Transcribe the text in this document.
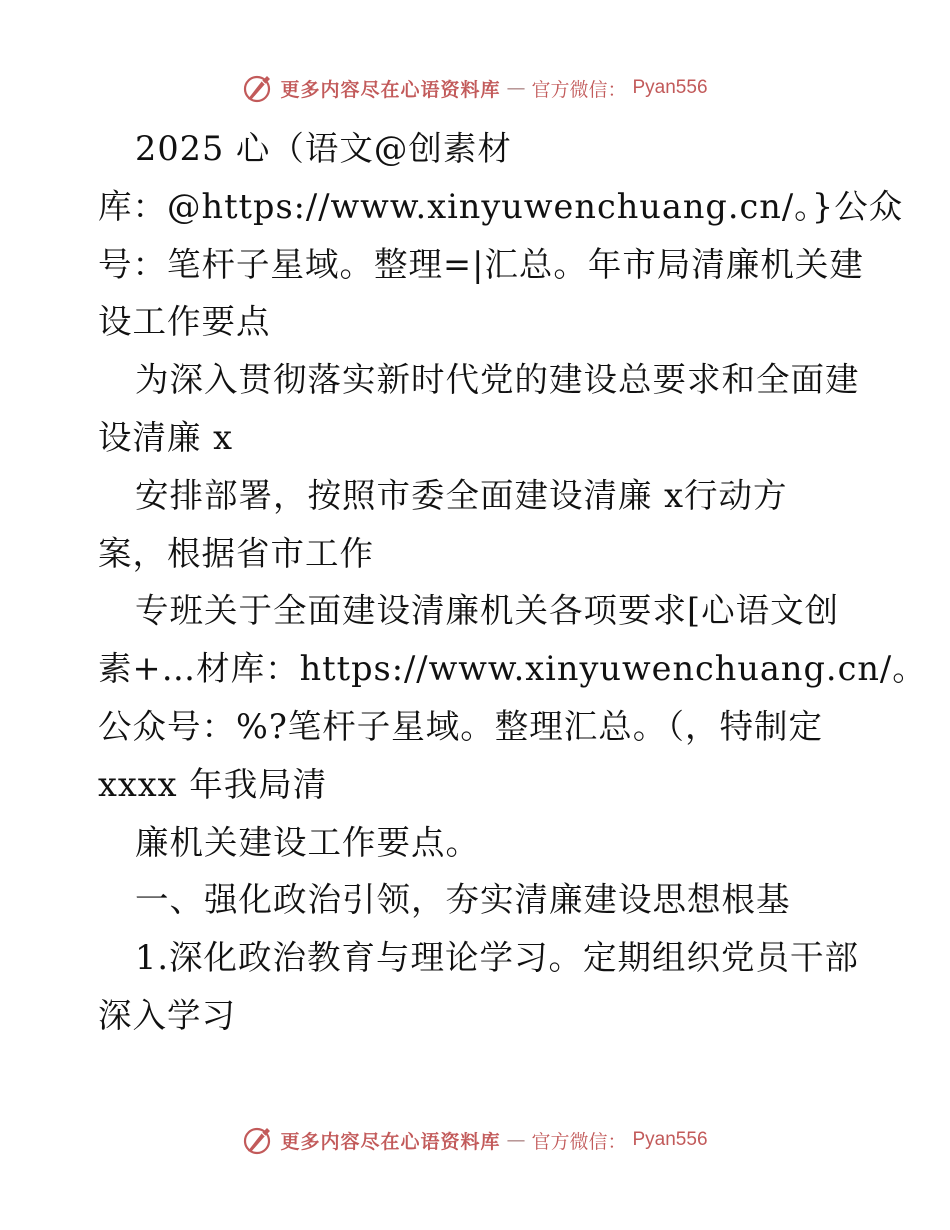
更多内容尽在心语资料库 — 官方微信： Pyan556
2025 心（语文@创素材
库：@https://www.xinyuwenchuang.cn/。}公众
号：笔杆子星域。整理=|汇总。年市局清廉机关建
设工作要点
为深入贯彻落实新时代党的建设总要求和全面建
设清廉 x
安排部署，按照市委全面建设清廉 x行动方
案，根据省市工作
专班关于全面建设清廉机关各项要求[心语文创
素+…材库：https://www.xinyuwenchuang.cn/。
公众号：%?笔杆子星域。整理汇总。（，特制定
xxxx 年我局清
廉机关建设工作要点。
一、强化政治引领，夯实清廉建设思想根基
1.深化政治教育与理论学习。定期组织党员干部
深入学习
更多内容尽在心语资料库 — 官方微信： Pyan556
